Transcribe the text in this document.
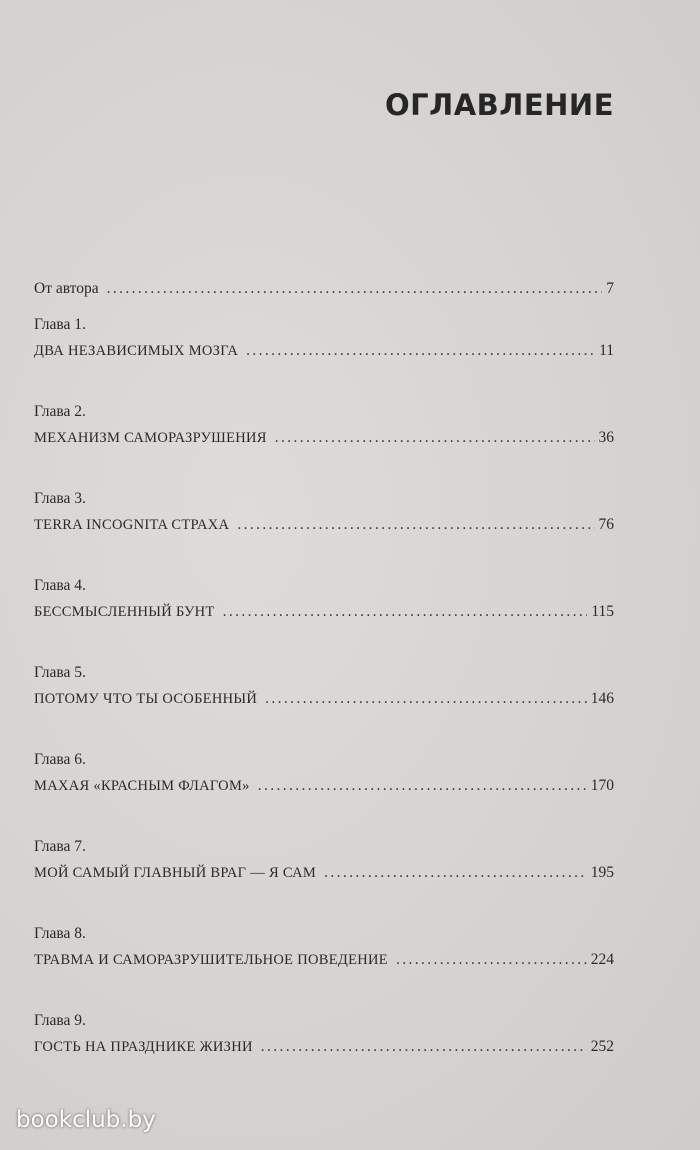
ОГЛАВЛЕНИЕ
От автора . . .	7
Глава 1.
ДВА НЕЗАВИСИМЫХ МОЗГА . . .	11
Глава 2.
МЕХАНИЗМ САМОРАЗРУШЕНИЯ . . .	36
Глава 3.
TERRA INCOGNITA СТРАХА . . .	76
Глава 4.
БЕССМЫСЛЕННЫЙ БУНТ . . .	115
Глава 5.
ПОТОМУ ЧТО ТЫ ОСОБЕННЫЙ . . .	146
Глава 6.
МАХАЯ «КРАСНЫМ ФЛАГОМ» . . .	170
Глава 7.
МОЙ САМЫЙ ГЛАВНЫЙ ВРАГ — Я САМ . . .	195
Глава 8.
ТРАВМА И САМОРАЗРУШИТЕЛЬНОЕ ПОВЕДЕНИЕ . . .	224
Глава 9.
ГОСТЬ НА ПРАЗДНИКЕ ЖИЗНИ . . .	252

bookclub.by
